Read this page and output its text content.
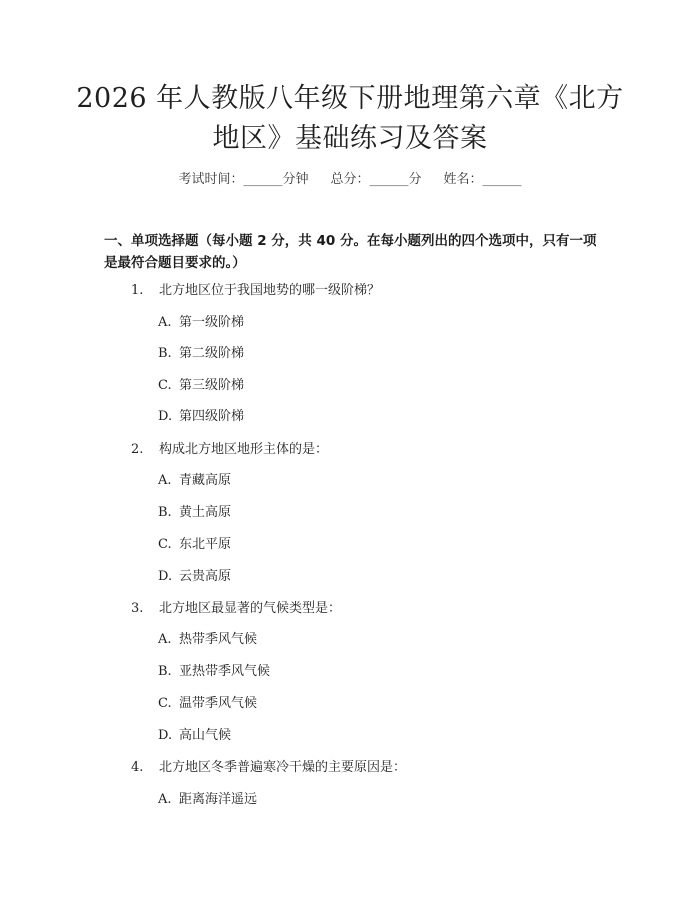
2026 年人教版八年级下册地理第六章《北方
地区》基础练习及答案
考试时间：______分钟 总分：______分 姓名：______
一、单项选择题（每小题 2 分，共 40 分。在每小题列出的四个选项中，只有一项是最符合题目要求的。）
1. 北方地区位于我国地势的哪一级阶梯？
A. 第一级阶梯
B. 第二级阶梯
C. 第三级阶梯
D. 第四级阶梯
2. 构成北方地区地形主体的是：
A. 青藏高原
B. 黄土高原
C. 东北平原
D. 云贵高原
3. 北方地区最显著的气候类型是：
A. 热带季风气候
B. 亚热带季风气候
C. 温带季风气候
D. 高山气候
4. 北方地区冬季普遍寒冷干燥的主要原因是：
A. 距离海洋遥远
